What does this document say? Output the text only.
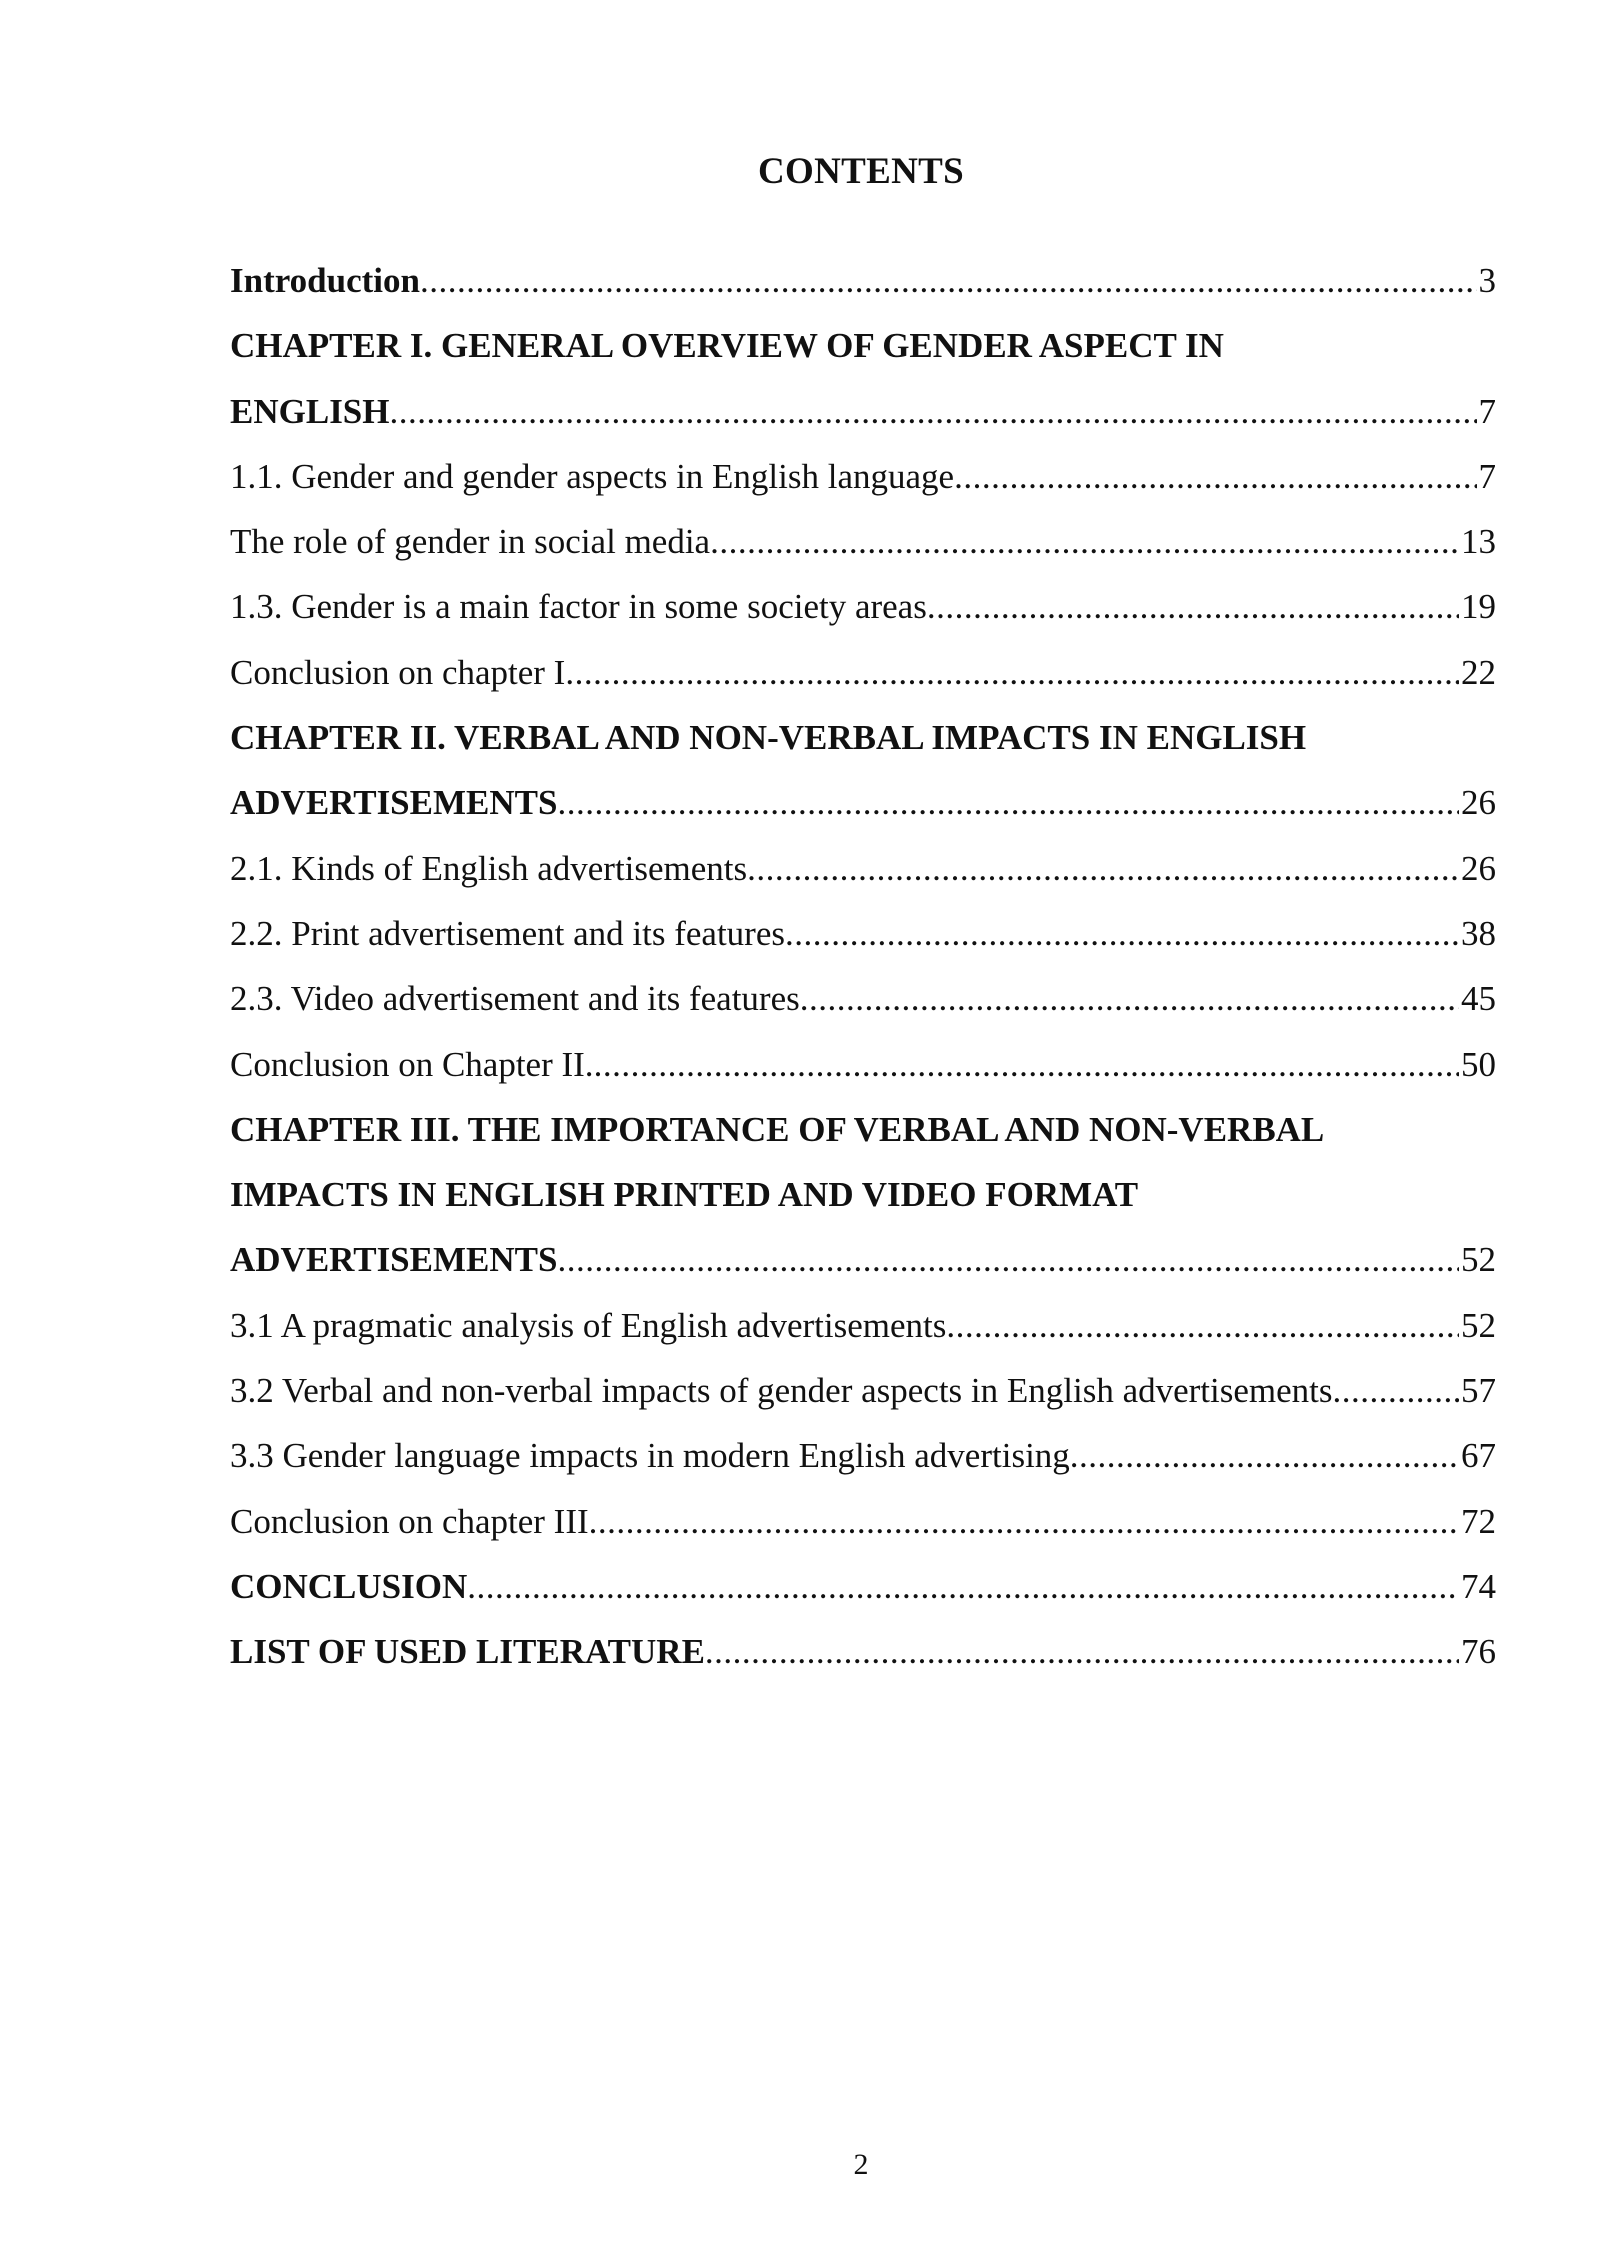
CONTENTS
Introduction .....	3
CHAPTER I. GENERAL OVERVIEW OF GENDER ASPECT IN
ENGLISH .....	7
1.1. Gender and gender aspects in English language .....	7
The role of gender in social media .....	13
1.3. Gender is a main factor in some society areas .....	19
Conclusion on chapter I .....	22
CHAPTER II. VERBAL AND NON-VERBAL IMPACTS IN ENGLISH
ADVERTISEMENTS .....	26
2.1. Kinds of English advertisements .....	26
2.2. Print advertisement and its features .....	38
2.3. Video advertisement and its features .....	45
Conclusion on Chapter II. .....	50
CHAPTER III. THE IMPORTANCE OF VERBAL AND NON-VERBAL
IMPACTS IN ENGLISH PRINTED AND VIDEO FORMAT
ADVERTISEMENTS .....	52
3.1 A pragmatic analysis of English advertisements .....	52
3.2 Verbal and non-verbal impacts of gender aspects in English advertisements .....	57
3.3 Gender language impacts in modern English advertising .....	67
Conclusion on chapter III .....	72
CONCLUSION .....	74
LIST OF USED LITERATURE .....	76
2
